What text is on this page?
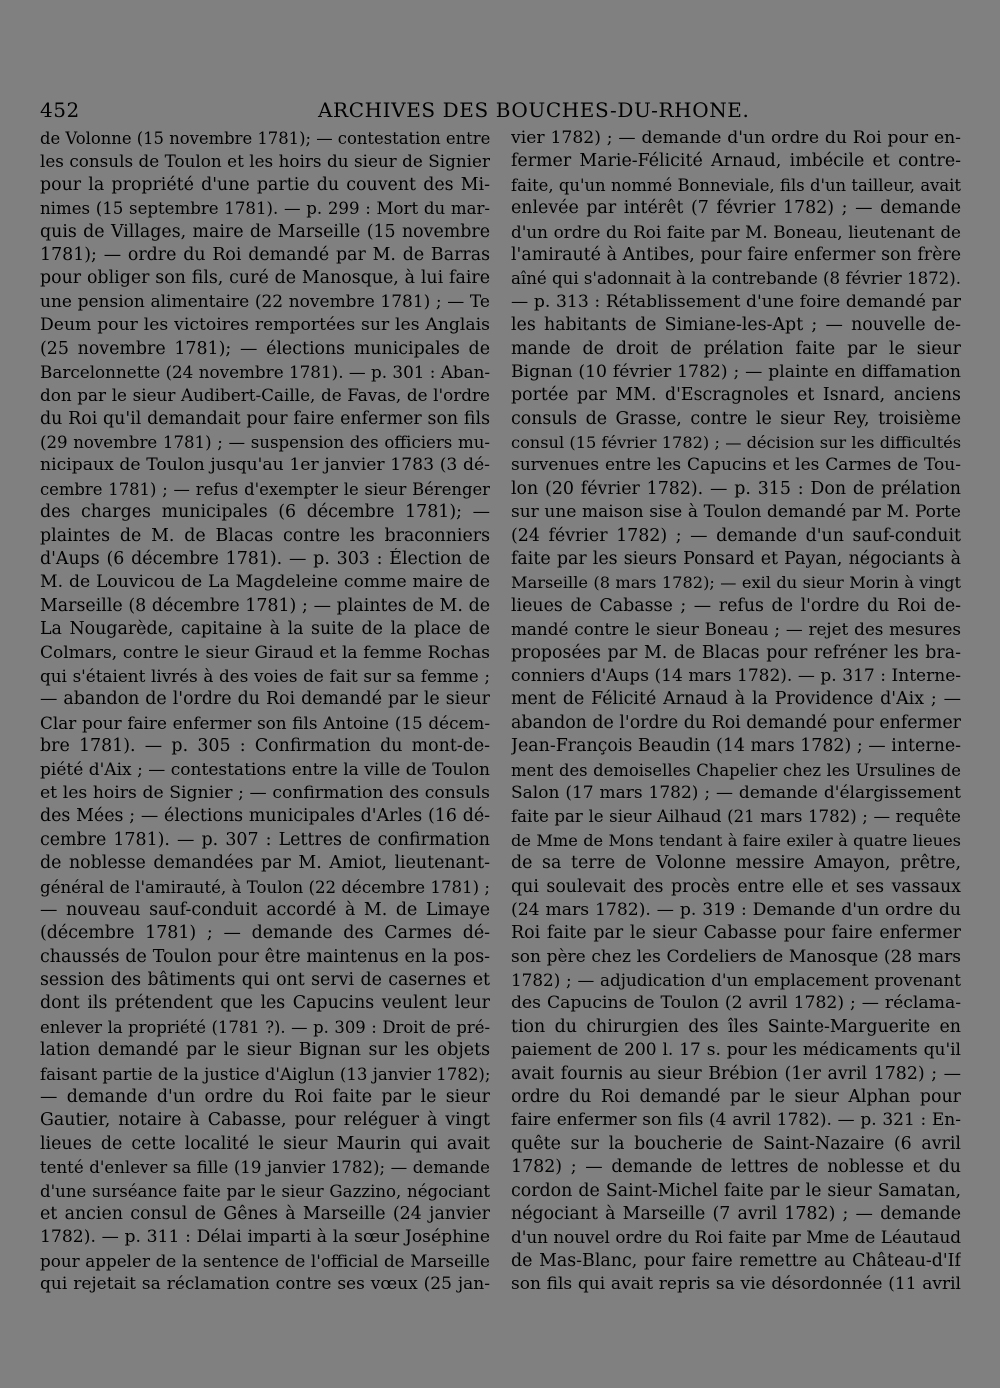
452	ARCHIVES DES BOUCHES-DU-RHONE.
de Volonne (15 novembre 1781); — contestation entre
les consuls de Toulon et les hoirs du sieur de Signier
pour la propriété d'une partie du couvent des Mi-
nimes (15 septembre 1781). — p. 299 : Mort du mar-
quis de Villages, maire de Marseille (15 novembre
1781); — ordre du Roi demandé par M. de Barras
pour obliger son fils, curé de Manosque, à lui faire
une pension alimentaire (22 novembre 1781) ; — Te
Deum pour les victoires remportées sur les Anglais
(25 novembre 1781); — élections municipales de
Barcelonnette (24 novembre 1781). — p. 301 : Aban-
don par le sieur Audibert-Caille, de Favas, de l'ordre
du Roi qu'il demandait pour faire enfermer son fils
(29 novembre 1781) ; — suspension des officiers mu-
nicipaux de Toulon jusqu'au 1er janvier 1783 (3 dé-
cembre 1781) ; — refus d'exempter le sieur Bérenger
des charges municipales (6 décembre 1781); —
plaintes de M. de Blacas contre les braconniers
d'Aups (6 décembre 1781). — p. 303 : Élection de
M. de Louvicou de La Magdeleine comme maire de
Marseille (8 décembre 1781) ; — plaintes de M. de
La Nougarède, capitaine à la suite de la place de
Colmars, contre le sieur Giraud et la femme Rochas
qui s'étaient livrés à des voies de fait sur sa femme ;
— abandon de l'ordre du Roi demandé par le sieur
Clar pour faire enfermer son fils Antoine (15 décem-
bre 1781). — p. 305 : Confirmation du mont-de-
piété d'Aix ; — contestations entre la ville de Toulon
et les hoirs de Signier ; — confirmation des consuls
des Mées ; — élections municipales d'Arles (16 dé-
cembre 1781). — p. 307 : Lettres de confirmation
de noblesse demandées par M. Amiot, lieutenant-
général de l'amirauté, à Toulon (22 décembre 1781) ;
— nouveau sauf-conduit accordé à M. de Limaye
(décembre 1781) ; — demande des Carmes dé-
chaussés de Toulon pour être maintenus en la pos-
session des bâtiments qui ont servi de casernes et
dont ils prétendent que les Capucins veulent leur
enlever la propriété (1781 ?). — p. 309 : Droit de pré-
lation demandé par le sieur Bignan sur les objets
faisant partie de la justice d'Aiglun (13 janvier 1782);
— demande d'un ordre du Roi faite par le sieur
Gautier, notaire à Cabasse, pour reléguer à vingt
lieues de cette localité le sieur Maurin qui avait
tenté d'enlever sa fille (19 janvier 1782); — demande
d'une surséance faite par le sieur Gazzino, négociant
et ancien consul de Gênes à Marseille (24 janvier
1782). — p. 311 : Délai imparti à la sœur Joséphine
pour appeler de la sentence de l'official de Marseille
qui rejetait sa réclamation contre ses vœux (25 jan-
vier 1782) ; — demande d'un ordre du Roi pour en-
fermer Marie-Félicité Arnaud, imbécile et contre-
faite, qu'un nommé Bonneviale, fils d'un tailleur, avait
enlevée par intérêt (7 février 1782) ; — demande
d'un ordre du Roi faite par M. Boneau, lieutenant de
l'amirauté à Antibes, pour faire enfermer son frère
aîné qui s'adonnait à la contrebande (8 février 1872).
— p. 313 : Rétablissement d'une foire demandé par
les habitants de Simiane-les-Apt ; — nouvelle de-
mande de droit de prélation faite par le sieur
Bignan (10 février 1782) ; — plainte en diffamation
portée par MM. d'Escragnoles et Isnard, anciens
consuls de Grasse, contre le sieur Rey, troisième
consul (15 février 1782) ; — décision sur les difficultés
survenues entre les Capucins et les Carmes de Tou-
lon (20 février 1782). — p. 315 : Don de prélation
sur une maison sise à Toulon demandé par M. Porte
(24 février 1782) ; — demande d'un sauf-conduit
faite par les sieurs Ponsard et Payan, négociants à
Marseille (8 mars 1782); — exil du sieur Morin à vingt
lieues de Cabasse ; — refus de l'ordre du Roi de-
mandé contre le sieur Boneau ; — rejet des mesures
proposées par M. de Blacas pour refréner les bra-
conniers d'Aups (14 mars 1782). — p. 317 : Interne-
ment de Félicité Arnaud à la Providence d'Aix ; —
abandon de l'ordre du Roi demandé pour enfermer
Jean-François Beaudin (14 mars 1782) ; — interne-
ment des demoiselles Chapelier chez les Ursulines de
Salon (17 mars 1782) ; — demande d'élargissement
faite par le sieur Ailhaud (21 mars 1782) ; — requête
de Mme de Mons tendant à faire exiler à quatre lieues
de sa terre de Volonne messire Amayon, prêtre,
qui soulevait des procès entre elle et ses vassaux
(24 mars 1782). — p. 319 : Demande d'un ordre du
Roi faite par le sieur Cabasse pour faire enfermer
son père chez les Cordeliers de Manosque (28 mars
1782) ; — adjudication d'un emplacement provenant
des Capucins de Toulon (2 avril 1782) ; — réclama-
tion du chirurgien des îles Sainte-Marguerite en
paiement de 200 l. 17 s. pour les médicaments qu'il
avait fournis au sieur Brébion (1er avril 1782) ; —
ordre du Roi demandé par le sieur Alphan pour
faire enfermer son fils (4 avril 1782). — p. 321 : En-
quête sur la boucherie de Saint-Nazaire (6 avril
1782) ; — demande de lettres de noblesse et du
cordon de Saint-Michel faite par le sieur Samatan,
négociant à Marseille (7 avril 1782) ; — demande
d'un nouvel ordre du Roi faite par Mme de Léautaud
de Mas-Blanc, pour faire remettre au Château-d'If
son fils qui avait repris sa vie désordonnée (11 avril
